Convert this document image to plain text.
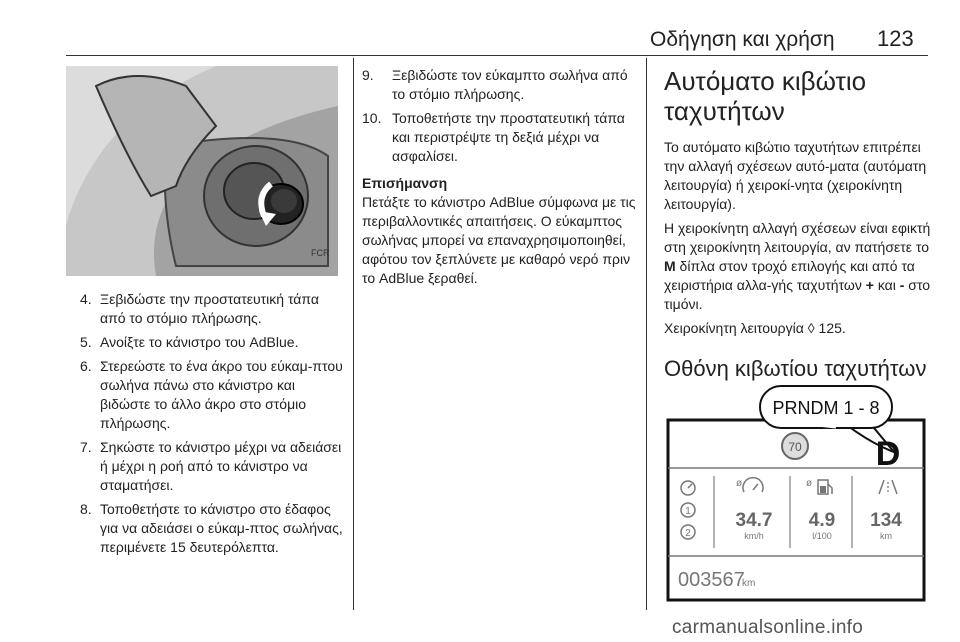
Οδήγηση και χρήση 123
FCR
4. Ξεβιδώστε την προστατευτική τάπα από το στόμιο πλήρωσης.
5. Ανοίξτε το κάνιστρο του AdBlue.
6. Στερεώστε το ένα άκρο του εύκαμ-πτου σωλήνα πάνω στο κάνιστρο και βιδώστε το άλλο άκρο στο στόμιο πλήρωσης.
7. Σηκώστε το κάνιστρο μέχρι να αδειάσει ή μέχρι η ροή από το κάνιστρο να σταματήσει.
8. Τοποθετήστε το κάνιστρο στο έδαφος για να αδειάσει ο εύκαμ-πτος σωλήνας, περιμένετε 15 δευτερόλεπτα.
9.	Ξεβιδώστε τον εύκαμπτο σωλήνα από το στόμιο πλήρωσης.
10. Τοποθετήστε την προστατευτική τάπα και περιστρέψτε τη δεξιά μέχρι να ασφαλίσει.
Επισήμανση
Πετάξτε το κάνιστρο AdBlue σύμφωνα με τις περιβαλλοντικές απαιτήσεις. Ο εύκαμπτος σωλήνας μπορεί να επαναχρησιμοποιηθεί, αφότου τον ξεπλύνετε με καθαρό νερό πριν το AdBlue ξεραθεί.
Αυτόματο κιβώτιο ταχυτήτων

Το αυτόματο κιβώτιο ταχυτήτων επιτρέπει την αλλαγή σχέσεων αυτό-ματα (αυτόματη λειτουργία) ή χειροκί-νητα (χειροκίνητη λειτουργία).

Η χειροκίνητη αλλαγή σχέσεων είναι εφικτή στη χειροκίνητη λειτουργία, αν πατήσετε το M δίπλα στον τροχό επιλογής και από τα χειριστήρια αλλα-γής ταχυτήτων + και - στο τιμόνι.

Χειροκίνητη λειτουργία ◊ 125.

Οθόνη κιβωτίου ταχυτήτων
PRNDM 1 - 8
70 D
1
2
ø	ø
34.7
km/h
4.9
l/100
134
km
003567
km
carmanualsonline.info
